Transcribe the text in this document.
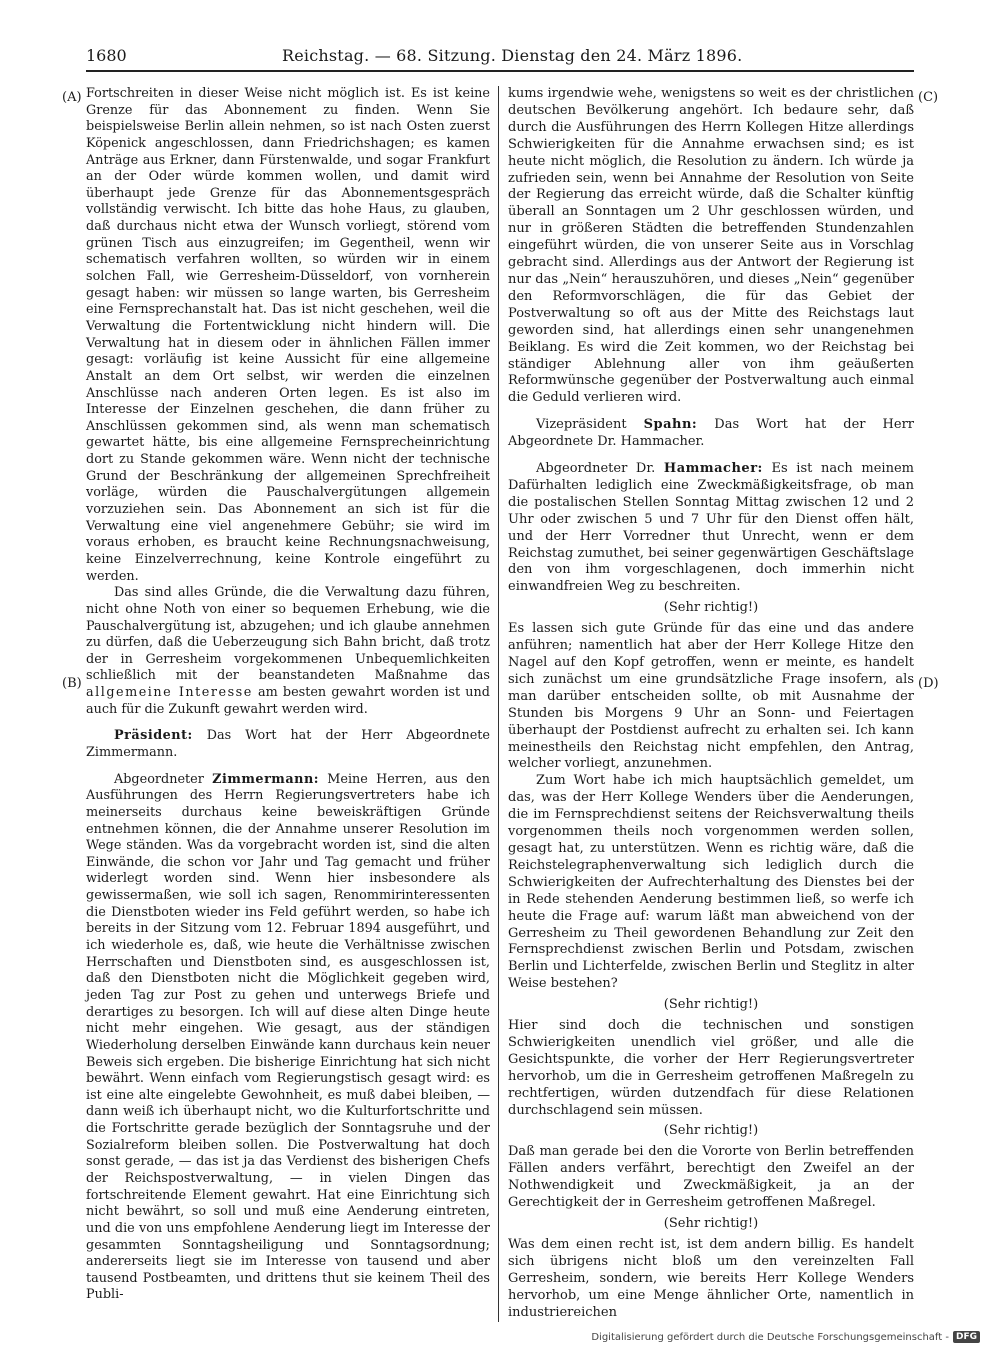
1680	Reichstag. — 68. Sitzung. Dienstag den 24. März 1896.
(A)
(B)
(C)
(D)

Fortschreiten in dieser Weise nicht möglich ist. Es ist keine Grenze für das Abonnement zu finden. Wenn Sie beispielsweise Berlin allein nehmen, so ist nach Osten zuerst Köpenick angeschlossen, dann Friedrichshagen; es kamen Anträge aus Erkner, dann Fürstenwalde, und sogar Frankfurt an der Oder würde kommen wollen, und damit wird überhaupt jede Grenze für das Abonnementsgespräch vollständig verwischt. Ich bitte das hohe Haus, zu glauben, daß durchaus nicht etwa der Wunsch vorliegt, störend vom grünen Tisch aus einzugreifen; im Gegentheil, wenn wir schematisch verfahren wollten, so würden wir in einem solchen Fall, wie Gerresheim-Düsseldorf, von vornherein gesagt haben: wir müssen so lange warten, bis Gerresheim eine Fernsprechanstalt hat. Das ist nicht geschehen, weil die Verwaltung die Fortentwicklung nicht hindern will. Die Verwaltung hat in diesem oder in ähnlichen Fällen immer gesagt: vorläufig ist keine Aussicht für eine allgemeine Anstalt an dem Ort selbst, wir werden die einzelnen Anschlüsse nach anderen Orten legen. Es ist also im Interesse der Einzelnen geschehen, die dann früher zu Anschlüssen gekommen sind, als wenn man schematisch gewartet hätte, bis eine allgemeine Fernsprecheinrichtung dort zu Stande gekommen wäre. Wenn nicht der technische Grund der Beschränkung der allgemeinen Sprechfreiheit vorläge, würden die Pauschalvergütungen allgemein vorzuziehen sein. Das Abonnement an sich ist für die Verwaltung eine viel angenehmere Gebühr; sie wird im voraus erhoben, es braucht keine Rechnungsnachweisung, keine Einzelverrechnung, keine Kontrole eingeführt zu werden.

Das sind alles Gründe, die die Verwaltung dazu führen, nicht ohne Noth von einer so bequemen Erhebung, wie die Pauschalvergütung ist, abzugehen; und ich glaube annehmen zu dürfen, daß die Ueberzeugung sich Bahn bricht, daß trotz der in Gerresheim vorgekommenen Unbequemlichkeiten schließlich mit der beanstandeten Maßnahme das allgemeine Interesse am besten gewahrt worden ist und auch für die Zukunft gewahrt werden wird.

Präsident: Das Wort hat der Herr Abgeordnete Zimmermann.

Abgeordneter Zimmermann: Meine Herren, aus den Ausführungen des Herrn Regierungsvertreters habe ich meinerseits durchaus keine beweiskräftigen Gründe entnehmen können, die der Annahme unserer Resolution im Wege ständen. Was da vorgebracht worden ist, sind die alten Einwände, die schon vor Jahr und Tag gemacht und früher widerlegt worden sind. Wenn hier insbesondere als gewissermaßen, wie soll ich sagen, Renommirinteressenten die Dienstboten wieder ins Feld geführt werden, so habe ich bereits in der Sitzung vom 12. Februar 1894 ausgeführt, und ich wiederhole es, daß, wie heute die Verhältnisse zwischen Herrschaften und Dienstboten sind, es ausgeschlossen ist, daß den Dienstboten nicht die Möglichkeit gegeben wird, jeden Tag zur Post zu gehen und unterwegs Briefe und derartiges zu besorgen. Ich will auf diese alten Dinge heute nicht mehr eingehen. Wie gesagt, aus der ständigen Wiederholung derselben Einwände kann durchaus kein neuer Beweis sich ergeben. Die bisherige Einrichtung hat sich nicht bewährt. Wenn einfach vom Regierungstisch gesagt wird: es ist eine alte eingelebte Gewohnheit, es muß dabei bleiben, — dann weiß ich überhaupt nicht, wo die Kulturfortschritte und die Fortschritte gerade bezüglich der Sonntagsruhe und der Sozialreform bleiben sollen. Die Postverwaltung hat doch sonst gerade, — das ist ja das Verdienst des bisherigen Chefs der Reichspostverwaltung, — in vielen Dingen das fortschreitende Element gewahrt. Hat eine Einrichtung sich nicht bewährt, so soll und muß eine Aenderung eintreten, und die von uns empfohlene Aenderung liegt im Interesse der gesammten Sonntagsheiligung und Sonntagsordnung; andererseits liegt sie im Interesse von tausend und aber tausend Postbeamten, und drittens thut sie keinem Theil des Publi-

kums irgendwie wehe, wenigstens so weit es der christlichen deutschen Bevölkerung angehört. Ich bedaure sehr, daß durch die Ausführungen des Herrn Kollegen Hitze allerdings Schwierigkeiten für die Annahme erwachsen sind; es ist heute nicht möglich, die Resolution zu ändern. Ich würde ja zufrieden sein, wenn bei Annahme der Resolution von Seite der Regierung das erreicht würde, daß die Schalter künftig überall an Sonntagen um 2 Uhr geschlossen würden, und nur in größeren Städten die betreffenden Stundenzahlen eingeführt würden, die von unserer Seite aus in Vorschlag gebracht sind. Allerdings aus der Antwort der Regierung ist nur das „Nein“ herauszuhören, und dieses „Nein“ gegenüber den Reformvorschlägen, die für das Gebiet der Postverwaltung so oft aus der Mitte des Reichstags laut geworden sind, hat allerdings einen sehr unangenehmen Beiklang. Es wird die Zeit kommen, wo der Reichstag bei ständiger Ablehnung aller von ihm geäußerten Reformwünsche gegenüber der Postverwaltung auch einmal die Geduld verlieren wird.

Vizepräsident Spahn: Das Wort hat der Herr Abgeordnete Dr. Hammacher.

Abgeordneter Dr. Hammacher: Es ist nach meinem Dafürhalten lediglich eine Zweckmäßigkeitsfrage, ob man die postalischen Stellen Sonntag Mittag zwischen 12 und 2 Uhr oder zwischen 5 und 7 Uhr für den Dienst offen hält, und der Herr Vorredner thut Unrecht, wenn er dem Reichstag zumuthet, bei seiner gegenwärtigen Geschäftslage den von ihm vorgeschlagenen, doch immerhin nicht einwandfreien Weg zu beschreiten.

(Sehr richtig!)

Es lassen sich gute Gründe für das eine und das andere anführen; namentlich hat aber der Herr Kollege Hitze den Nagel auf den Kopf getroffen, wenn er meinte, es handelt sich zunächst um eine grundsätzliche Frage insofern, als man darüber entscheiden sollte, ob mit Ausnahme der Stunden bis Morgens 9 Uhr an Sonn- und Feiertagen überhaupt der Postdienst aufrecht zu erhalten sei. Ich kann meinestheils den Reichstag nicht empfehlen, den Antrag, welcher vorliegt, anzunehmen.

Zum Wort habe ich mich hauptsächlich gemeldet, um das, was der Herr Kollege Wenders über die Aenderungen, die im Fernsprechdienst seitens der Reichsverwaltung theils vorgenommen theils noch vorgenommen werden sollen, gesagt hat, zu unterstützen. Wenn es richtig wäre, daß die Reichstelegraphenverwaltung sich lediglich durch die Schwierigkeiten der Aufrechterhaltung des Dienstes bei der in Rede stehenden Aenderung bestimmen ließ, so werfe ich heute die Frage auf: warum läßt man abweichend von der Gerresheim zu Theil gewordenen Behandlung zur Zeit den Fernsprechdienst zwischen Berlin und Potsdam, zwischen Berlin und Lichterfelde, zwischen Berlin und Steglitz in alter Weise bestehen?

(Sehr richtig!)

Hier sind doch die technischen und sonstigen Schwierigkeiten unendlich viel größer, und alle die Gesichtspunkte, die vorher der Herr Regierungsvertreter hervorhob, um die in Gerresheim getroffenen Maßregeln zu rechtfertigen, würden dutzendfach für diese Relationen durchschlagend sein müssen.

(Sehr richtig!)

Daß man gerade bei den die Vororte von Berlin betreffenden Fällen anders verfährt, berechtigt den Zweifel an der Nothwendigkeit und Zweckmäßigkeit, ja an der Gerechtigkeit der in Gerresheim getroffenen Maßregel.

(Sehr richtig!)

Was dem einen recht ist, ist dem andern billig. Es handelt sich übrigens nicht bloß um den vereinzelten Fall Gerresheim, sondern, wie bereits Herr Kollege Wenders hervorhob, um eine Menge ähnlicher Orte, namentlich in industriereichen

Digitalisierung gefördert durch die Deutsche Forschungsgemeinschaft - DFG
